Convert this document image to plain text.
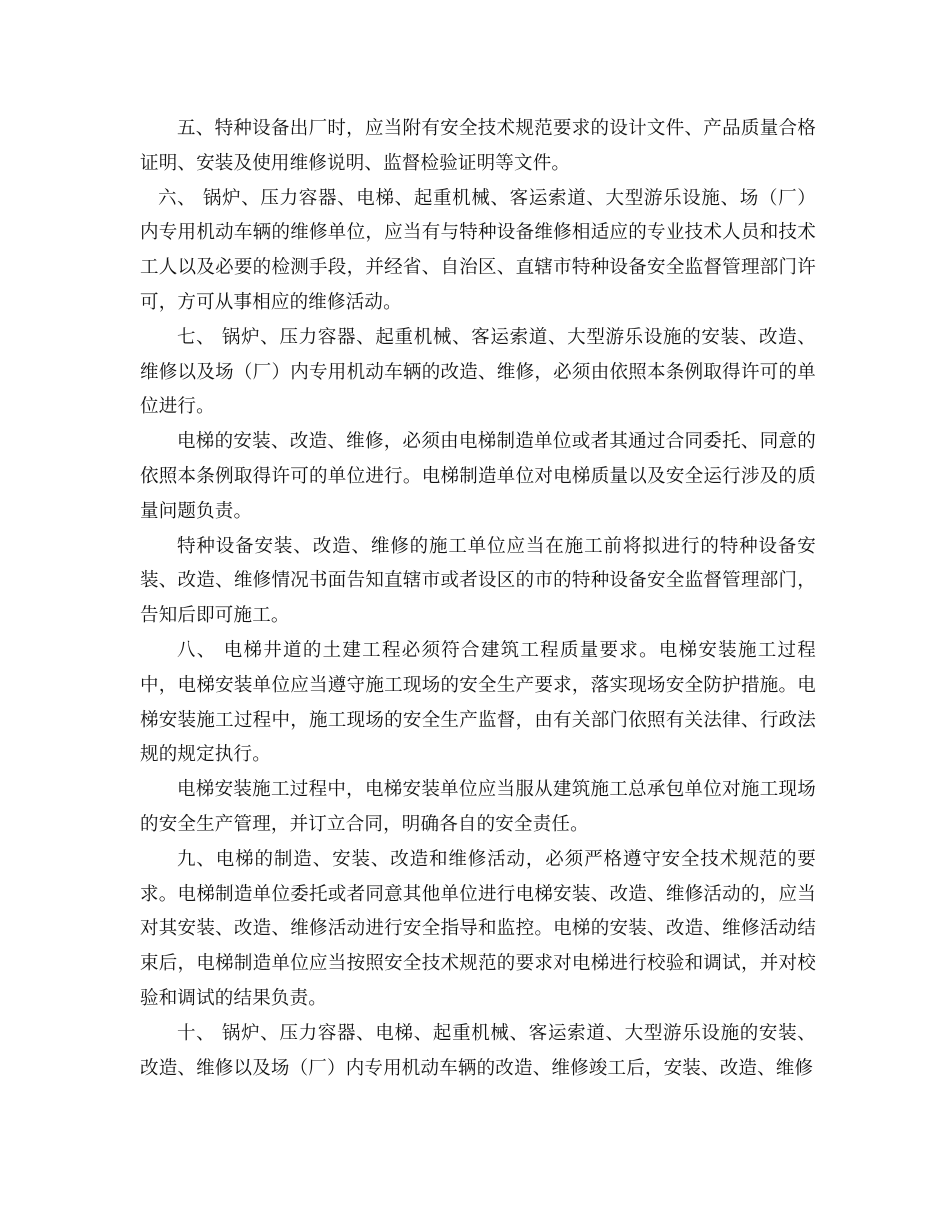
五、特种设备出厂时，应当附有安全技术规范要求的设计文件、产品质量合格证明、安装及使用维修说明、监督检验证明等文件。

六、 锅炉、压力容器、电梯、起重机械、客运索道、大型游乐设施、场（厂）内专用机动车辆的维修单位，应当有与特种设备维修相适应的专业技术人员和技术工人以及必要的检测手段，并经省、自治区、直辖市特种设备安全监督管理部门许可，方可从事相应的维修活动。

七、 锅炉、压力容器、起重机械、客运索道、大型游乐设施的安装、改造、维修以及场（厂）内专用机动车辆的改造、维修，必须由依照本条例取得许可的单位进行。

电梯的安装、改造、维修，必须由电梯制造单位或者其通过合同委托、同意的依照本条例取得许可的单位进行。电梯制造单位对电梯质量以及安全运行涉及的质量问题负责。

特种设备安装、改造、维修的施工单位应当在施工前将拟进行的特种设备安装、改造、维修情况书面告知直辖市或者设区的市的特种设备安全监督管理部门，告知后即可施工。

八、 电梯井道的土建工程必须符合建筑工程质量要求。电梯安装施工过程中，电梯安装单位应当遵守施工现场的安全生产要求，落实现场安全防护措施。电梯安装施工过程中，施工现场的安全生产监督，由有关部门依照有关法律、行政法规的规定执行。

电梯安装施工过程中，电梯安装单位应当服从建筑施工总承包单位对施工现场的安全生产管理，并订立合同，明确各自的安全责任。

九、电梯的制造、安装、改造和维修活动，必须严格遵守安全技术规范的要求。电梯制造单位委托或者同意其他单位进行电梯安装、改造、维修活动的，应当对其安装、改造、维修活动进行安全指导和监控。电梯的安装、改造、维修活动结束后，电梯制造单位应当按照安全技术规范的要求对电梯进行校验和调试，并对校验和调试的结果负责。

十、 锅炉、压力容器、电梯、起重机械、客运索道、大型游乐设施的安装、改造、维修以及场（厂）内专用机动车辆的改造、维修竣工后，安装、改造、维修
